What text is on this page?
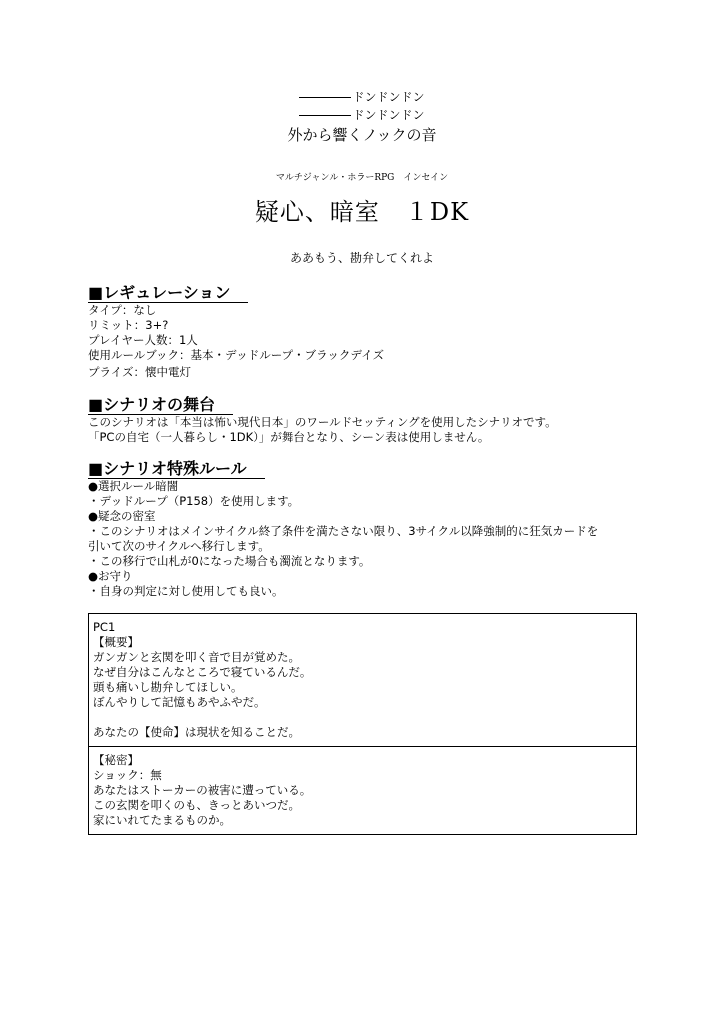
ドンドンドン
ドンドンドン
外から響くノックの音
マルチジャンル・ホラーRPG　インセイン
疑心、暗室　１DK
ああもう、勘弁してくれよ
■レギュレーション
タイプ：なし
リミット：3+?
プレイヤー人数：1人
使用ルールブック：基本・デッドループ・ブラックデイズ
プライズ：懐中電灯
■シナリオの舞台
このシナリオは「本当は怖い現代日本」のワールドセッティングを使用したシナリオです。
「PCの自宅（一人暮らし・1DK）」が舞台となり、シーン表は使用しません。
■シナリオ特殊ルール
●選択ルール暗闇
・デッドループ（P158）を使用します。
●疑念の密室
・このシナリオはメインサイクル終了条件を満たさない限り、3サイクル以降強制的に狂気カードを
引いて次のサイクルへ移行します。
・この移行で山札が0になった場合も濁流となります。
●お守り
・自身の判定に対し使用しても良い。
PC1
【概要】
ガンガンと玄関を叩く音で目が覚めた。
なぜ自分はこんなところで寝ているんだ。
頭も痛いし勘弁してほしい。
ぼんやりして記憶もあやふやだ。
あなたの【使命】は現状を知ることだ。
【秘密】
ショック：無
あなたはストーカーの被害に遭っている。
この玄関を叩くのも、きっとあいつだ。
家にいれてたまるものか。
